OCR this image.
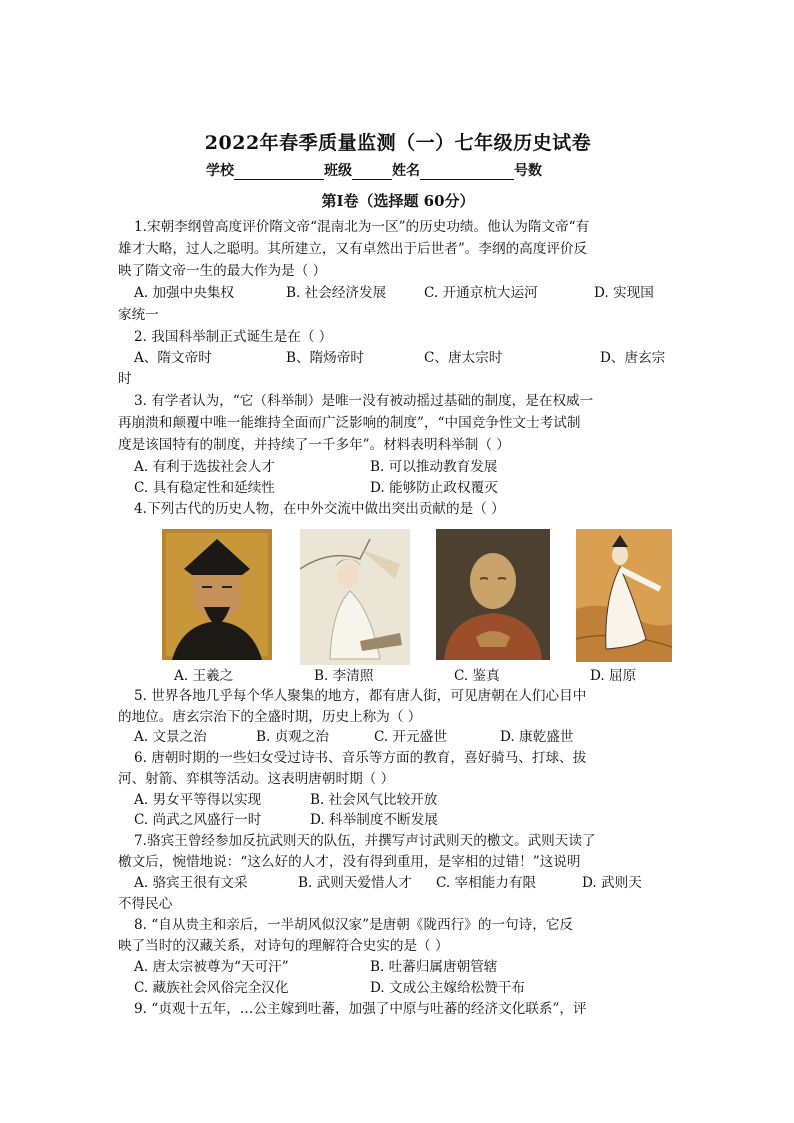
2022年春季质量监测（一）七年级历史试卷
学校	班级	姓名	号数
第Ⅰ卷（选择题 60分）
1.宋朝李纲曾高度评价隋文帝“混南北为一区”的历史功绩。他认为隋文帝“有
雄才大略，过人之聪明。其所建立，又有卓然出于后世者”。李纲的高度评价反
映了隋文帝一生的最大作为是（ ）
A. 加强中央集权	B. 社会经济发展	C. 开通京杭大运河	D. 实现国
家统一
2. 我国科举制正式诞生是在（ ）
A、隋文帝时	B、隋炀帝时	C、唐太宗时	D、唐玄宗
时
3. 有学者认为，“它（科举制）是唯一没有被动摇过基础的制度，是在权威一
再崩溃和颠覆中唯一能维持全面而广泛影响的制度”，“中国竞争性文士考试制
度是该国特有的制度，并持续了一千多年”。材料表明科举制（ ）
A. 有利于选拔社会人才	B. 可以推动教育发展
C. 具有稳定性和延续性	D. 能够防止政权覆灭
4.下列古代的历史人物，在中外交流中做出突出贡献的是（ ）
A. 王羲之	B. 李清照	C. 鉴真	D. 屈原
5. 世界各地几乎每个华人聚集的地方，都有唐人街，可见唐朝在人们心目中
的地位。唐玄宗治下的全盛时期，历史上称为（ ）
A. 文景之治	B. 贞观之治	C. 开元盛世	D. 康乾盛世
6. 唐朝时期的一些妇女受过诗书、音乐等方面的教育，喜好骑马、打球、拔
河、射箭、弈棋等活动。这表明唐朝时期（ ）
A. 男女平等得以实现	B. 社会风气比较开放
C. 尚武之风盛行一时	D. 科举制度不断发展
7.骆宾王曾经参加反抗武则天的队伍，并撰写声讨武则天的檄文。武则天读了
檄文后，惋惜地说：“这么好的人才，没有得到重用，是宰相的过错！”这说明
A. 骆宾王很有文采	B. 武则天爱惜人才 C. 宰相能力有限	D. 武则天
不得民心
8. “自从贵主和亲后，一半胡风似汉家”是唐朝《陇西行》的一句诗，它反
映了当时的汉藏关系，对诗句的理解符合史实的是（ ）
A. 唐太宗被尊为“天可汗”	B. 吐蕃归属唐朝管辖
C. 藏族社会风俗完全汉化	D. 文成公主嫁给松赞干布
9. “贞观十五年，…公主嫁到吐蕃，加强了中原与吐蕃的经济文化联系”，评
